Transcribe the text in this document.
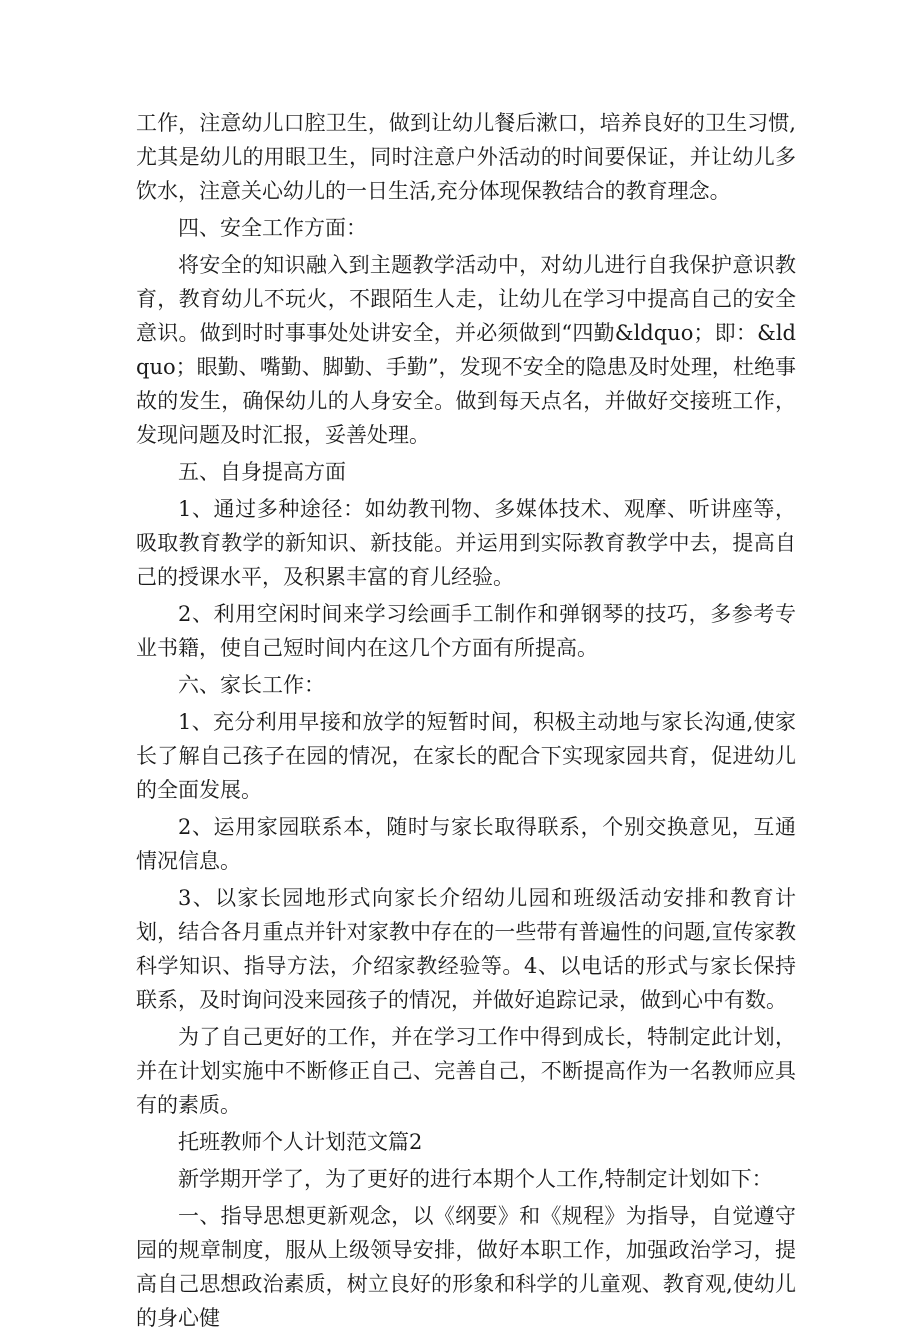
工作，注意幼儿口腔卫生，做到让幼儿餐后漱口，培养良好的卫生习惯,尤其是幼儿的用眼卫生，同时注意户外活动的时间要保证，并让幼儿多饮水，注意关心幼儿的一日生活,充分体现保教结合的教育理念。

四、安全工作方面：

将安全的知识融入到主题教学活动中，对幼儿进行自我保护意识教育，教育幼儿不玩火，不跟陌生人走，让幼儿在学习中提高自己的安全意识。做到时时事事处处讲安全，并必须做到“四勤&ldquo；即：&ldquo；眼勤、嘴勤、脚勤、手勤”，发现不安全的隐患及时处理，杜绝事故的发生，确保幼儿的人身安全。做到每天点名，并做好交接班工作，发现问题及时汇报，妥善处理。

五、自身提高方面

1、通过多种途径：如幼教刊物、多媒体技术、观摩、听讲座等，吸取教育教学的新知识、新技能。并运用到实际教育教学中去，提高自己的授课水平，及积累丰富的育儿经验。

2、利用空闲时间来学习绘画手工制作和弹钢琴的技巧，多参考专业书籍，使自己短时间内在这几个方面有所提高。

六、家长工作：

1、充分利用早接和放学的短暂时间，积极主动地与家长沟通,使家长了解自己孩子在园的情况，在家长的配合下实现家园共育，促进幼儿的全面发展。

2、运用家园联系本，随时与家长取得联系，个别交换意见，互通情况信息。

3、以家长园地形式向家长介绍幼儿园和班级活动安排和教育计划，结合各月重点并针对家教中存在的一些带有普遍性的问题,宣传家教科学知识、指导方法，介绍家教经验等。4、以电话的形式与家长保持联系，及时询问没来园孩子的情况，并做好追踪记录，做到心中有数。

为了自己更好的工作，并在学习工作中得到成长，特制定此计划，并在计划实施中不断修正自己、完善自己，不断提高作为一名教师应具有的素质。

托班教师个人计划范文篇2

新学期开学了，为了更好的进行本期个人工作,特制定计划如下：

一、指导思想更新观念，以《纲要》和《规程》为指导，自觉遵守园的规章制度，服从上级领导安排，做好本职工作，加强政治学习，提高自己思想政治素质，树立良好的形象和科学的儿童观、教育观,使幼儿的身心健
